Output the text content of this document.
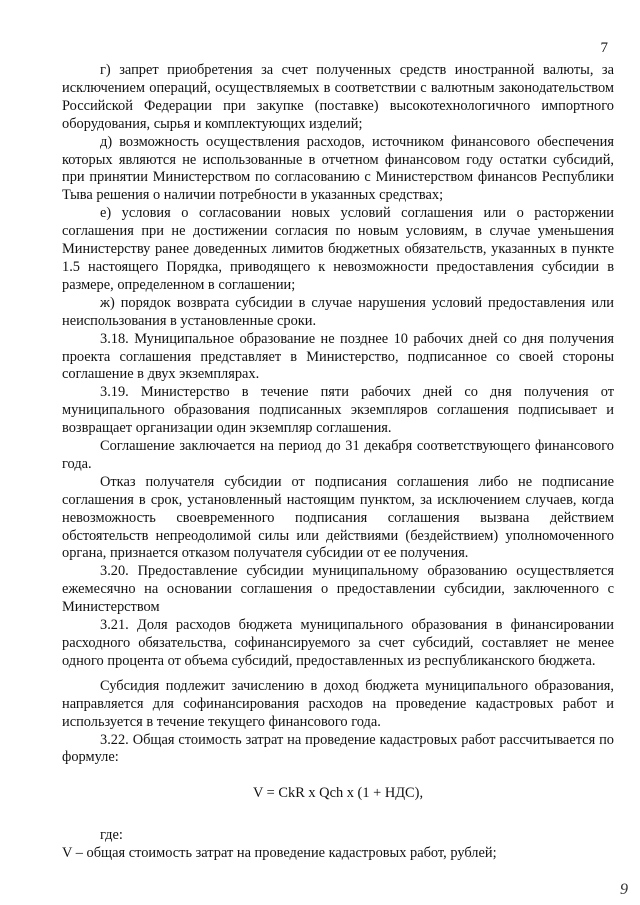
7

г) запрет приобретения за счет полученных средств иностранной валюты, за исключением операций, осуществляемых в соответствии с валютным законодательством Российской Федерации при закупке (поставке) высокотехнологичного импортного оборудования, сырья и комплектующих изделий;

д) возможность осуществления расходов, источником финансового обеспечения которых являются не использованные в отчетном финансовом году остатки субсидий, при принятии Министерством по согласованию с Министерством финансов Республики Тыва решения о наличии потребности в указанных средствах;

е) условия о согласовании новых условий соглашения или о расторжении соглашения при не достижении согласия по новым условиям, в случае уменьшения Министерству ранее доведенных лимитов бюджетных обязательств, указанных в пункте 1.5 настоящего Порядка, приводящего к невозможности предоставления субсидии в размере, определенном в соглашении;

ж) порядок возврата субсидии в случае нарушения условий предоставления или неиспользования в установленные сроки.

3.18. Муниципальное образование не позднее 10 рабочих дней со дня получения проекта соглашения представляет в Министерство, подписанное со своей стороны соглашение в двух экземплярах.

3.19. Министерство в течение пяти рабочих дней со дня получения от муниципального образования подписанных экземпляров соглашения подписывает и возвращает организации один экземпляр соглашения.

Соглашение заключается на период до 31 декабря соответствующего финансового года.

Отказ получателя субсидии от подписания соглашения либо не подписание соглашения в срок, установленный настоящим пунктом, за исключением случаев, когда невозможность своевременного подписания соглашения вызвана действием обстоятельств непреодолимой силы или действиями (бездействием) уполномоченного органа, признается отказом получателя субсидии от ее получения.

3.20. Предоставление субсидии муниципальному образованию осуществляется ежемесячно на основании соглашения о предоставлении субсидии, заключенного с Министерством

3.21. Доля расходов бюджета муниципального образования в финансировании расходного обязательства, софинансируемого за счет субсидий, составляет не менее одного процента от объема субсидий, предоставленных из республиканского бюджета.

Субсидия подлежит зачислению в доход бюджета муниципального образования, направляется для софинансирования расходов на проведение кадастровых работ и используется в течение текущего финансового года.

3.22. Общая стоимость затрат на проведение кадастровых работ рассчитывается по формуле:

V = CkR x Qch x (1 + НДС),

где:

V – общая стоимость затрат на проведение кадастровых работ, рублей;

9
